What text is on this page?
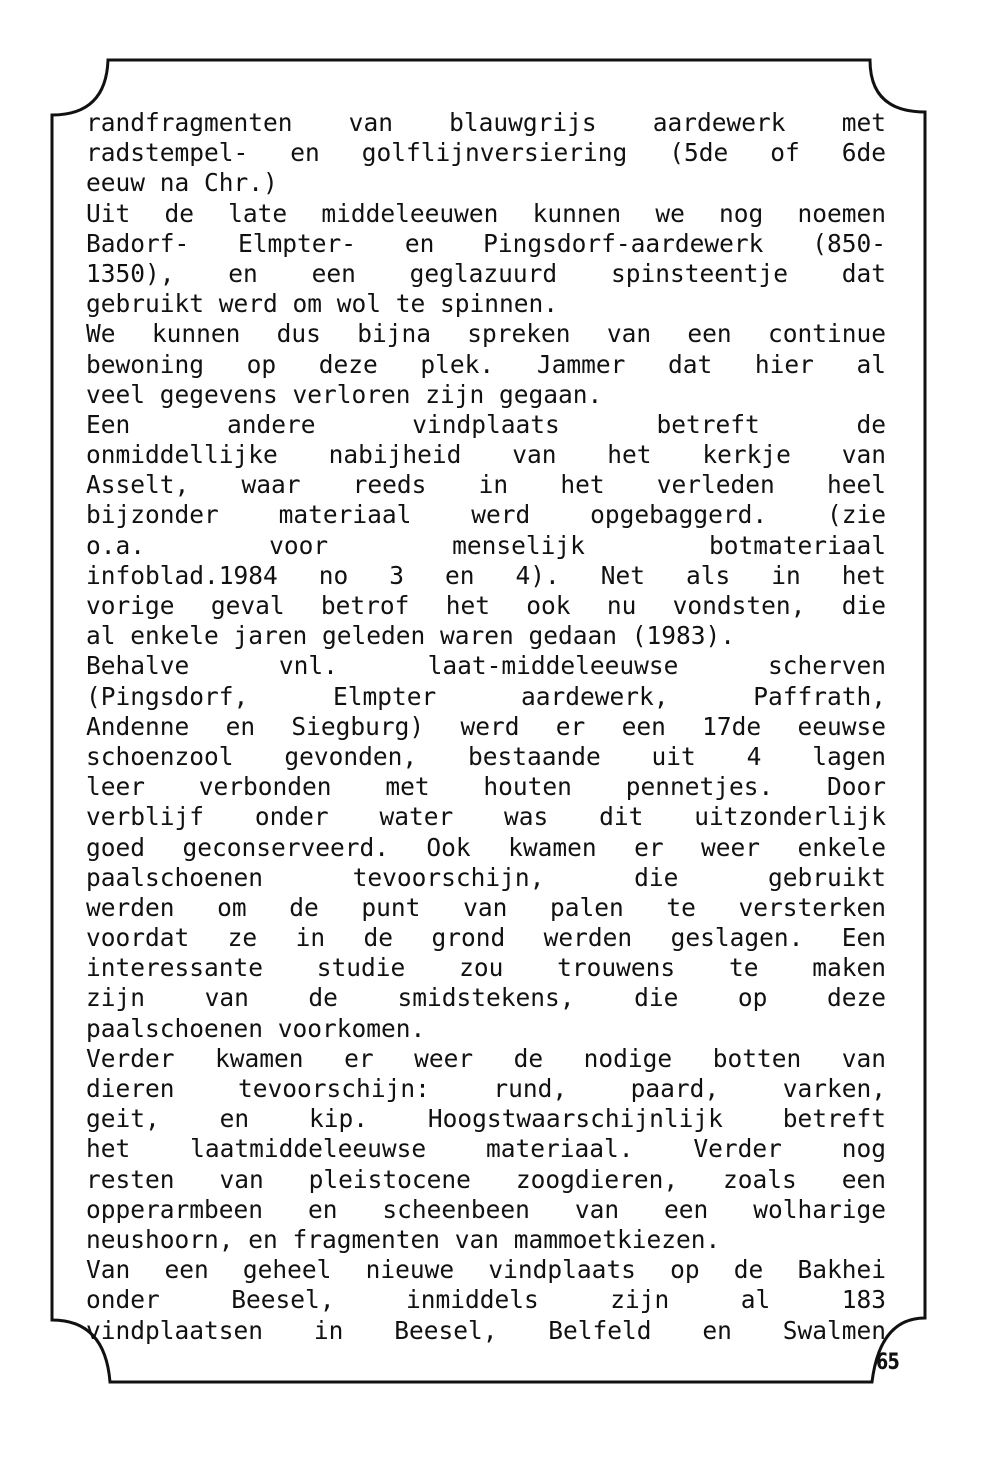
randfragmenten van blauwgrijs aardewerk met
radstempel- en golflijnversiering (5de of 6de
eeuw na Chr.)
Uit de late middeleeuwen kunnen we nog noemen
Badorf- Elmpter- en Pingsdorf-aardewerk (850-
1350), en een geglazuurd spinsteentje dat
gebruikt werd om wol te spinnen.
We kunnen dus bijna spreken van een continue
bewoning op deze plek. Jammer dat hier al
veel gegevens verloren zijn gegaan.
Een andere vindplaats betreft de
onmiddellijke nabijheid van het kerkje van
Asselt, waar reeds in het verleden heel
bijzonder materiaal werd opgebaggerd. (zie
o.a. voor menselijk botmateriaal
infoblad.1984 no 3 en 4). Net als in het
vorige geval betrof het ook nu vondsten, die
al enkele jaren geleden waren gedaan (1983).
Behalve vnl. laat-middeleeuwse scherven
(Pingsdorf, Elmpter aardewerk, Paffrath,
Andenne en Siegburg) werd er een 17de eeuwse
schoenzool gevonden, bestaande uit 4 lagen
leer verbonden met houten pennetjes. Door
verblijf onder water was dit uitzonderlijk
goed geconserveerd. Ook kwamen er weer enkele
paalschoenen tevoorschijn, die gebruikt
werden om de punt van palen te versterken
voordat ze in de grond werden geslagen. Een
interessante studie zou trouwens te maken
zijn van de smidstekens, die op deze
paalschoenen voorkomen.
Verder kwamen er weer de nodige botten van
dieren tevoorschijn: rund, paard, varken,
geit, en kip. Hoogstwaarschijnlijk betreft
het laatmiddeleeuwse materiaal. Verder nog
resten van pleistocene zoogdieren, zoals een
opperarmbeen en scheenbeen van een wolharige
neushoorn, en fragmenten van mammoetkiezen.
Van een geheel nieuwe vindplaats op de Bakhei
onder Beesel, inmiddels zijn al 183
vindplaatsen in Beesel, Belfeld en Swalmen
65
